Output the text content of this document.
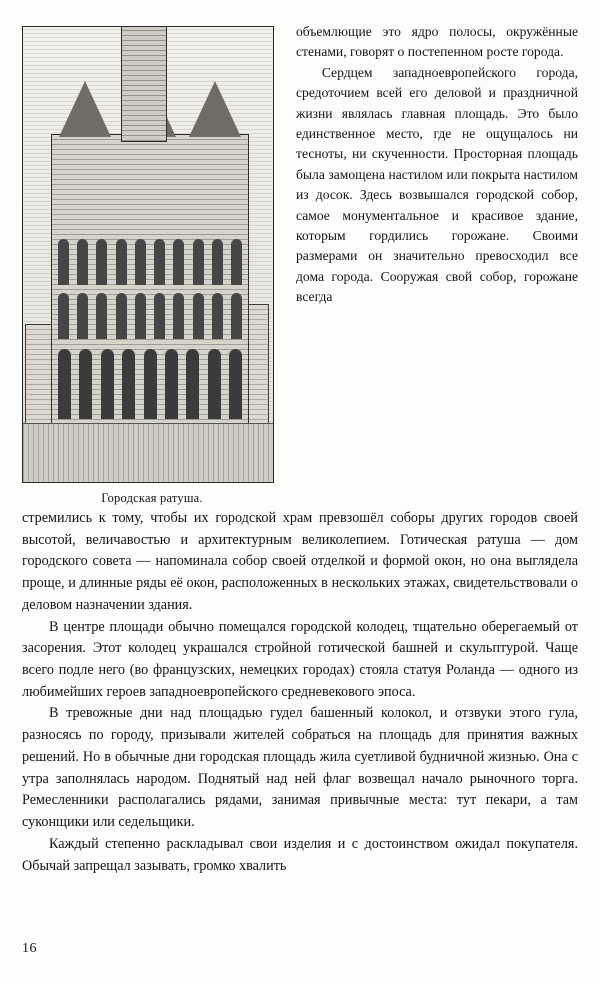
Городская ратуша.

объемлющие это ядро полосы, окружённые стенами, говорят о постепенном росте города.

Сердцем западноевропейского города, средоточием всей его деловой и праздничной жизни являлась главная площадь. Это было единственное место, где не ощущалось ни тесноты, ни скученности. Просторная площадь была замощена настилом или покрыта настилом из досок. Здесь возвышался городской собор, самое монументальное и красивое здание, которым гордились горожане. Своими размерами он значительно превосходил все дома города. Сооружая свой собор, горожане всегда

стремились к тому, чтобы их городской храм превзошёл соборы других городов своей высотой, величавостью и архитектурным великолепием. Готическая ратуша — дом городского совета — напоминала собор своей отделкой и формой окон, но она выглядела проще, и длинные ряды её окон, расположенных в нескольких этажах, свидетельствовали о деловом назначении здания.

В центре площади обычно помещался городской колодец, тщательно оберегаемый от засорения. Этот колодец украшался стройной готической башней и скульптурой. Чаще всего подле него (во французских, немецких городах) стояла статуя Роланда — одного из любимейших героев западноевропейского средневекового эпоса.

В тревожные дни над площадью гудел башенный колокол, и отзвуки этого гула, разносясь по городу, призывали жителей собраться на площадь для принятия важных решений. Но в обычные дни городская площадь жила суетливой будничной жизнью. Она с утра заполнялась народом. Поднятый над ней флаг возвещал начало рыночного торга. Ремесленники располагались рядами, занимая привычные места: тут пекари, а там суконщики или седельщики.

Каждый степенно раскладывал свои изделия и с достоинством ожидал покупателя. Обычай запрещал зазывать, громко хвалить

16
